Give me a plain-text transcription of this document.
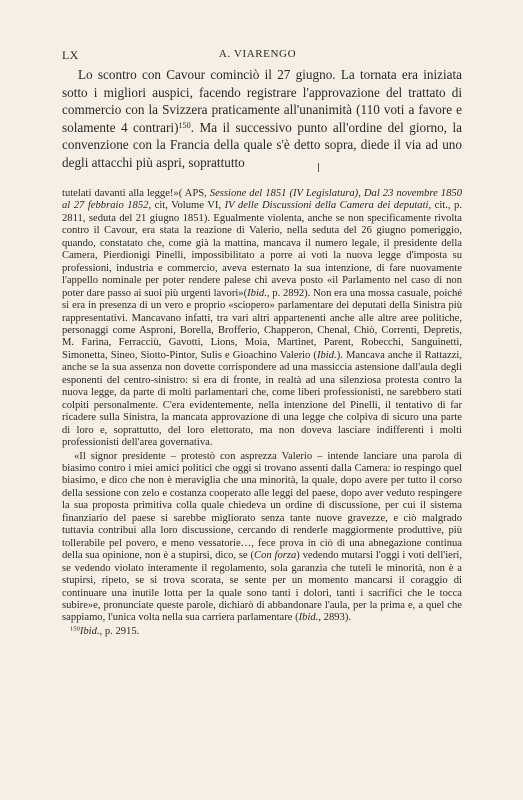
LX	A. VIARENGO

Lo scontro con Cavour cominciò il 27 giugno. La tornata era iniziata sotto i migliori auspici, facendo registrare l'approvazione del trattato di commercio con la Svizzera praticamente all'unanimità (110 voti a favore e solamente 4 contrari)$^{150}$. Ma il successivo punto all'ordine del giorno, la convenzione con la Francia della quale s'è detto sopra, diede il via ad uno degli attacchi più aspri, soprattutto

tutelati davanti alla legge!»( APS, Sessione del 1851 (IV Legislatura), Dal 23 novembre 1850 al 27 febbraio 1852, cit, Volume VI, IV delle Discussioni della Camera dei deputati, cit., p. 2811, seduta del 21 giugno 1851). Egualmente violenta, anche se non specificamente rivolta contro il Cavour, era stata la reazione di Valerio, nella seduta del 26 giugno pomeriggio, quando, constatato che, come già la mattina, mancava il numero legale, il presidente della Camera, Pierdionigi Pinelli, impossibilitato a porre ai voti la nuova legge d'imposta su professioni, industria e commercio, aveva esternato la sua intenzione, di fare nuovamente l'appello nominale per poter rendere palese chi aveva posto «il Parlamento nel caso di non poter dare passo ai suoi più urgenti lavori»(Ibid., p. 2892). Non era una mossa casuale, poiché si era in presenza di un vero e proprio «sciopero» parlamentare dei deputati della Sinistra più rappresentativi. Mancavano infatti, tra vari altri appartenenti anche alle altre aree politiche, personaggi come Asproni, Borella, Brofferio, Chapperon, Chenal, Chiò, Correnti, Depretis, M. Farina, Ferracciù, Gavotti, Lions, Moia, Martinet, Parent, Robecchi, Sanguinetti, Simonetta, Sineo, Siotto-Pintor, Sulis e Gioachino Valerio (Ibid.). Mancava anche il Rattazzi, anche se la sua assenza non dovette corrispondere ad una massiccia astensione dall'aula degli esponenti del centro-sinistro: si era di fronte, in realtà ad una silenziosa protesta contro la nuova legge, da parte di molti parlamentari che, come liberi professionisti, ne sarebbero stati colpiti personalmente. C'era evidentemente, nella intenzione del Pinelli, il tentativo di far ricadere sulla Sinistra, la mancata approvazione di una legge che colpiva di sicuro una parte di loro e, soprattutto, del loro elettorato, ma non doveva lasciare indifferenti i molti professionisti dell'area governativa.

«Il signor presidente – protestò con asprezza Valerio – intende lanciare una parola di biasimo contro i miei amici politici che oggi si trovano assenti dalla Camera: io respingo quel biasimo, e dico che non è meraviglia che una minorità, la quale, dopo avere per tutto il corso della sessione con zelo e costanza cooperato alle leggi del paese, dopo aver veduto respingere la sua proposta primitiva colla quale chiedeva un ordine di discussione, per cui il sistema finanziario del paese si sarebbe migliorato senza tante nuove gravezze, e ciò malgrado tuttavia contribuì alla loro discussione, cercando di renderle maggiormente produttive, più tollerabile pel povero, e meno vessatorie…, fece prova in ciò di una abnegazione continua della sua opinione, non è a stupirsi, dico, se (Con forza) vedendo mutarsi l'oggi i voti dell'ieri, se vedendo violato interamente il regolamento, sola garanzia che tuteli le minorità, non è a stupirsi, ripeto, se si trova scorata, se sente per un momento mancarsi il coraggio di continuare una inutile lotta per la quale sono tanti i dolori, tanti i sacrifici che le tocca subire»e, pronunciate queste parole, dichiarò di abbandonare l'aula, per la prima e, a quel che sappiamo, l'unica volta nella sua carriera parlamentare (Ibid., 2893).

$^{150}$Ibid., p. 2915.
